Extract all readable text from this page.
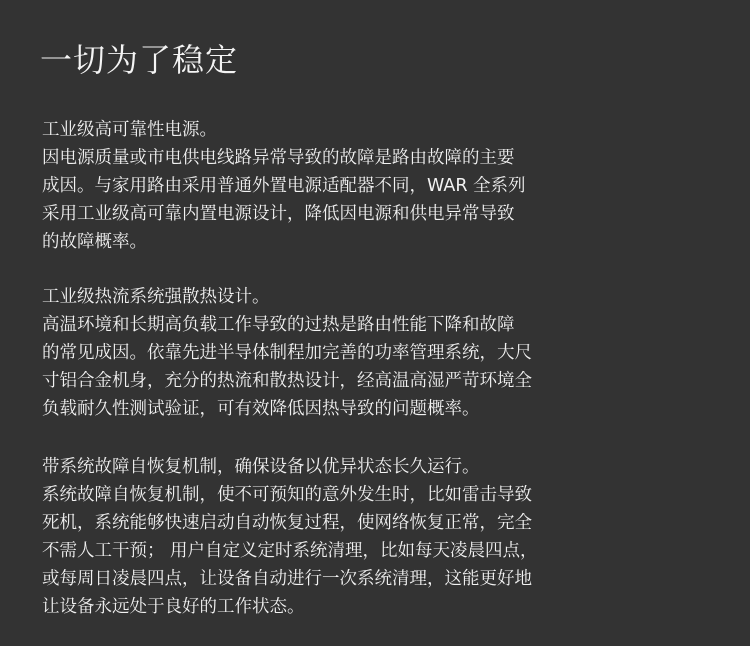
一切为了稳定
工业级高可靠性电源。
因电源质量或市电供电线路异常导致的故障是路由故障的主要
成因。与家用路由采用普通外置电源适配器不同，WAR 全系列
采用工业级高可靠内置电源设计，降低因电源和供电异常导致
的故障概率。
工业级热流系统强散热设计。
高温环境和长期高负载工作导致的过热是路由性能下降和故障
的常见成因。依靠先进半导体制程加完善的功率管理系统，大尺
寸铝合金机身，充分的热流和散热设计，经高温高湿严苛环境全
负载耐久性测试验证，可有效降低因热导致的问题概率。
带系统故障自恢复机制，确保设备以优异状态长久运行。
系统故障自恢复机制，使不可预知的意外发生时，比如雷击导致
死机，系统能够快速启动自动恢复过程，使网络恢复正常，完全
不需人工干预； 用户自定义定时系统清理，比如每天凌晨四点，
或每周日凌晨四点，让设备自动进行一次系统清理，这能更好地
让设备永远处于良好的工作状态。
